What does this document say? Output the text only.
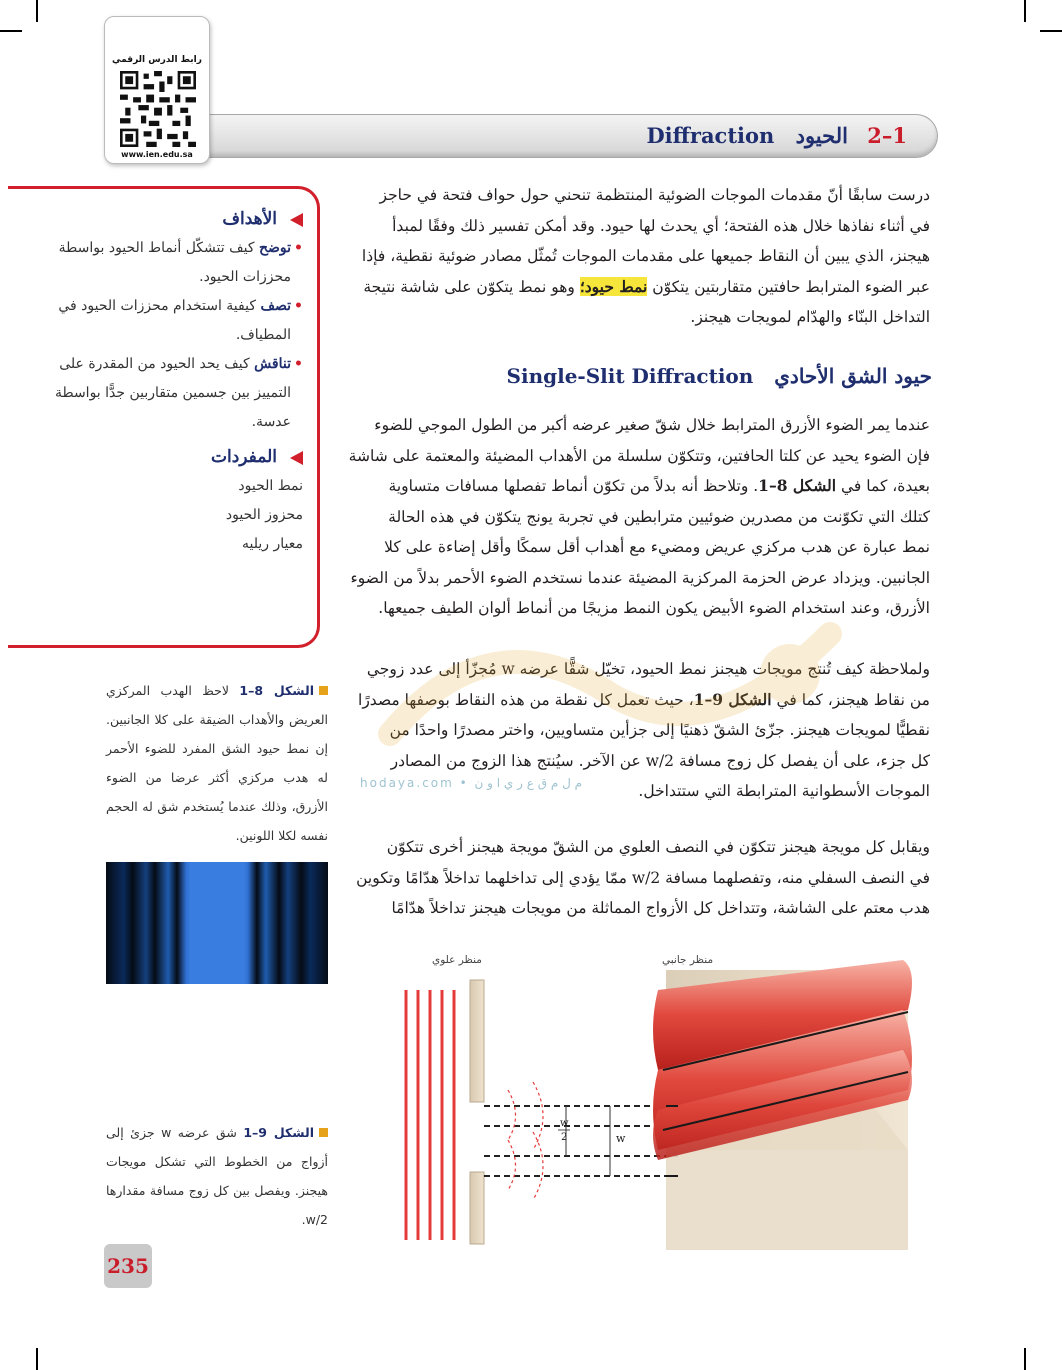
1–2 الحيود Diffraction
رابط الدرس الرقمي
www.ien.edu.sa

درست سابقًا أنّ مقدمات الموجات الضوئية المنتظمة تنحني حول حواف فتحة في حاجز

في أثناء نفاذها خلال هذه الفتحة؛ أي يحدث لها حيود. وقد أمكن تفسير ذلك وفقًا لمبدأ

هيجنز، الذي يبين أن النقاط جميعها على مقدمات الموجات تُمثّل مصادر ضوئية نقطية، فإذا

عبر الضوء المترابط حافتين متقاربتين يتكوّن نمط حيود؛ وهو نمط يتكوّن على شاشة نتيجة

التداخل البنّاء والهدّام لمويجات هيجنز.

حيود الشق الأحادي Single-Slit Diffraction

عندما يمر الضوء الأزرق المترابط خلال شقّ صغير عرضه أكبر من الطول الموجي للضوء

فإن الضوء يحيد عن كلتا الحافتين، وتتكوّن سلسلة من الأهداب المضيئة والمعتمة على شاشة

بعيدة، كما في الشكل 8–1. وتلاحظ أنه بدلاً من تكوّن أنماط تفصلها مسافات متساوية

كتلك التي تكوّنت من مصدرين ضوئيين مترابطين في تجربة يونج يتكوّن في هذه الحالة

نمط عبارة عن هدب مركزي عريض ومضيء مع أهداب أقل سمكًا وأقل إضاءة على كلا

الجانبين. ويزداد عرض الحزمة المركزية المضيئة عندما نستخدم الضوء الأحمر بدلاً من الضوء

الأزرق، وعند استخدام الضوء الأبيض يكون النمط مزيجًا من أنماط ألوان الطيف جميعها.

ولملاحظة كيف تُنتج مويجات هيجنز نمط الحيود، تخيّل شقًّا عرضه w مُجزّأ إلى عدد زوجي

من نقاط هيجنز، كما في الشكل 9–1، حيث تعمل كل نقطة من هذه النقاط بوصفها مصدرًا

نقطيًّا لمويجات هيجنز. جزّئ الشقّ ذهنيًا إلى جزأين متساويين، واختر مصدرًا واحدًا من

كل جزء، على أن يفصل كل زوج مسافة w/2 عن الآخر. سيُنتج هذا الزوج من المصادر

الموجات الأسطوانية المترابطة التي ستتداخل.

ويقابل كل مويجة هيجنز تتكوّن في النصف العلوي من الشقّ مويجة هيجنز أخرى تتكوّن

في النصف السفلي منه، وتفصلهما مسافة w/2 ممّا يؤدي إلى تداخلهما تداخلاً هدّامًا وتكوين

هدب معتم على الشاشة، وتتداخل كل الأزواج المماثلة من مويجات هيجنز تداخلاً هدّامًا

الأهداف
•
توضح كيف تتشكّل أنماط الحيود بواسطة محززات الحيود.
•
تصف كيفية استخدام محززات الحيود في المطياف.
•
تناقش كيف يحد الحيود من المقدرة على التمييز بين جسمين متقاربين جدًّا بواسطة عدسة.
المفردات
نمط الحيود
محزوز الحيود
معيار ريليه
الشكل 8–1 لاحظ الهدب المركزي العريض والأهداب الضيقة على كلا الجانبين. إن نمط حيود الشق المفرد للضوء الأحمر له هدب مركزي أكثر عرضا من الضوء الأزرق، وذلك عندما يُستخدم شق له الحجم نفسه لكلا اللونين.
الشكل 9–1 شق عرضه w جزئ إلى أزواج من الخطوط التي تشكل مويجات هيجنز. ويفصل بين كل زوج مسافة مقدارها w/2.
منظر علوي	منظر جانبي
w
w
2
hodaya.com • م ل م ق ع ر ي ا و ن
235
